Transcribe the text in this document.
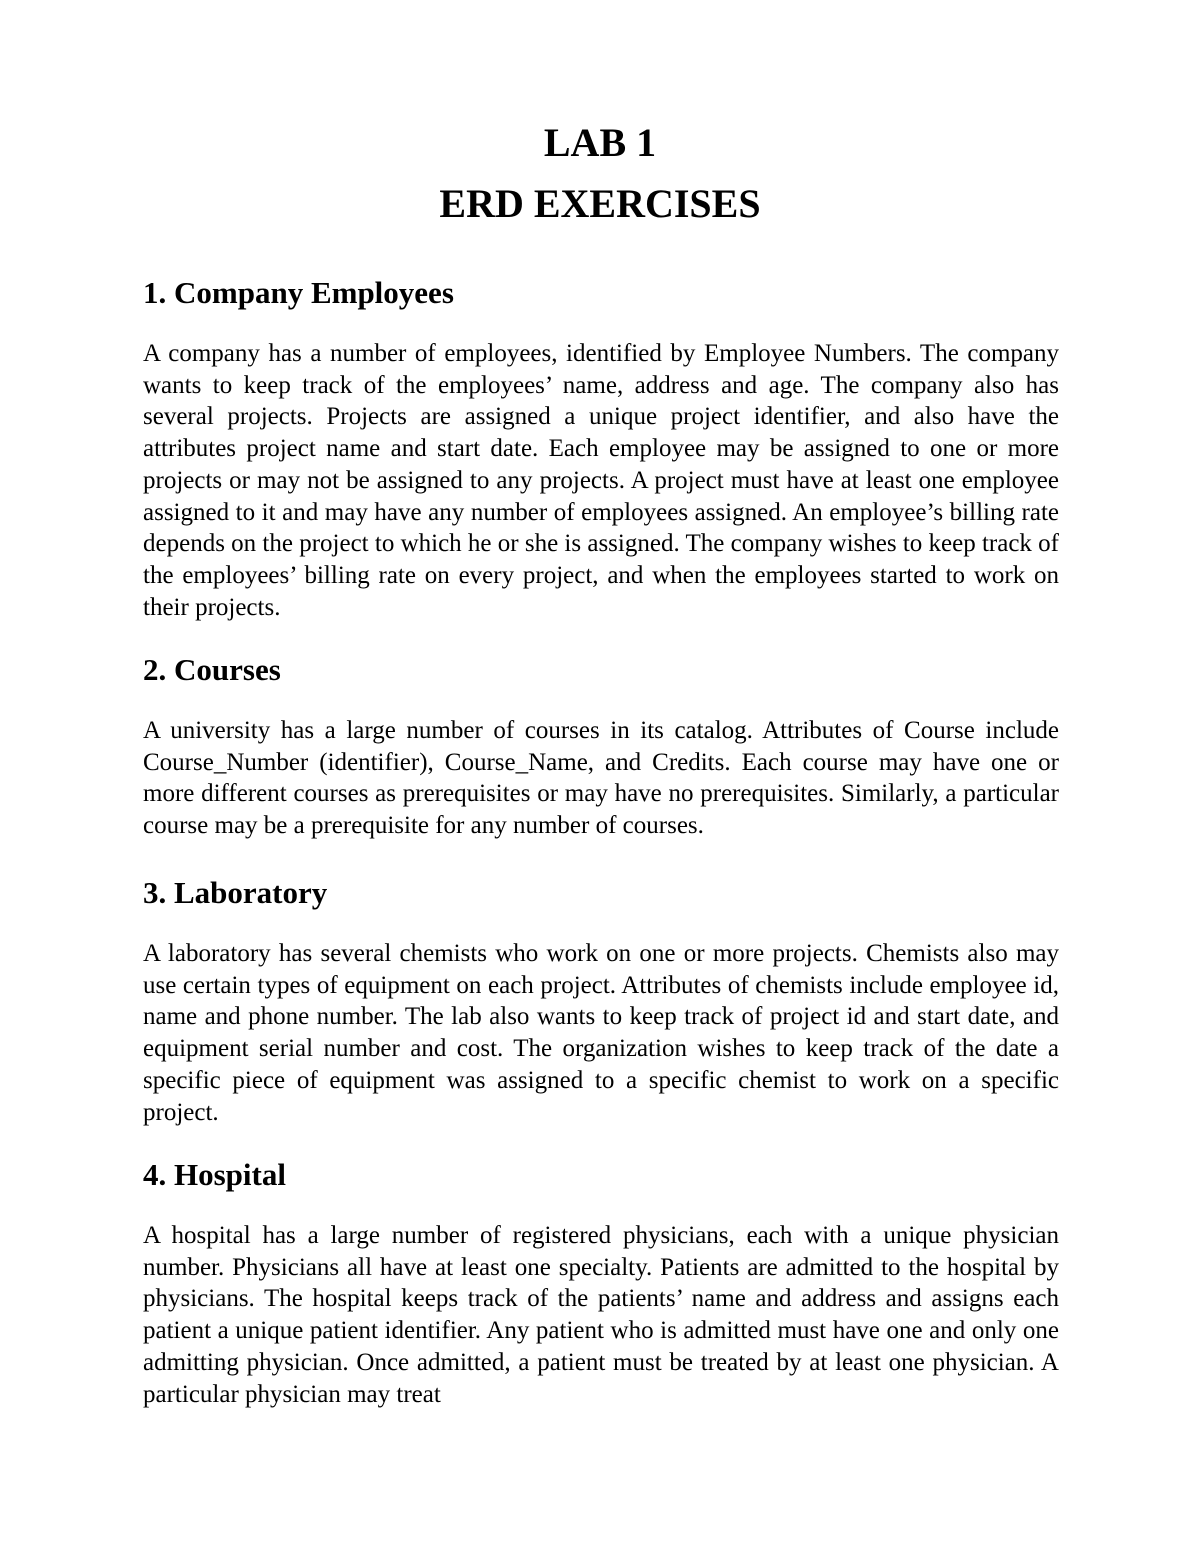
LAB 1
ERD EXERCISES
1. Company Employees

A company has a number of employees, identified by Employee Numbers. The company wants to keep track of the employees’ name, address and age. The company also has several projects. Projects are assigned a unique project identifier, and also have the attributes project name and start date. Each employee may be assigned to one or more projects or may not be assigned to any projects. A project must have at least one employee assigned to it and may have any number of employees assigned. An employee’s billing rate depends on the project to which he or she is assigned. The company wishes to keep track of the employees’ billing rate on every project, and when the employees started to work on their projects.

2. Courses

A university has a large number of courses in its catalog. Attributes of Course include Course_Number (identifier), Course_Name, and Credits. Each course may have one or more different courses as prerequisites or may have no prerequisites. Similarly, a particular course may be a prerequisite for any number of courses.

3. Laboratory

A laboratory has several chemists who work on one or more projects. Chemists also may use certain types of equipment on each project. Attributes of chemists include employee id, name and phone number. The lab also wants to keep track of project id and start date, and equipment serial number and cost. The organization wishes to keep track of the date a specific piece of equipment was assigned to a specific chemist to work on a specific project.

4. Hospital

A hospital has a large number of registered physicians, each with a unique physician number. Physicians all have at least one specialty. Patients are admitted to the hospital by physicians. The hospital keeps track of the patients’ name and address and assigns each patient a unique patient identifier. Any patient who is admitted must have one and only one admitting physician. Once admitted, a patient must be treated by at least one physician. A particular physician may treat
